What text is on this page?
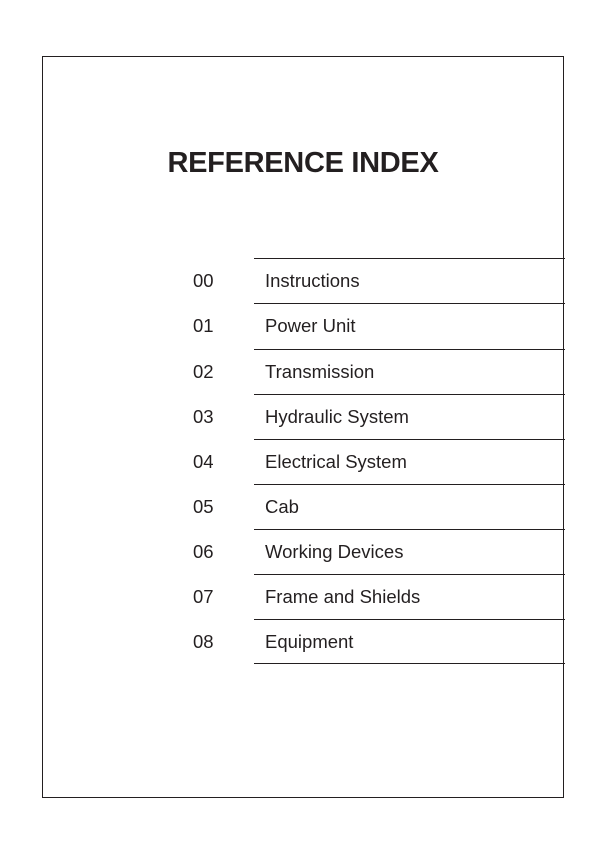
REFERENCE INDEX
00	Instructions
01	Power Unit
02	Transmission
03	Hydraulic System
04	Electrical System
05	Cab
06	Working Devices
07	Frame and Shields
08	Equipment
